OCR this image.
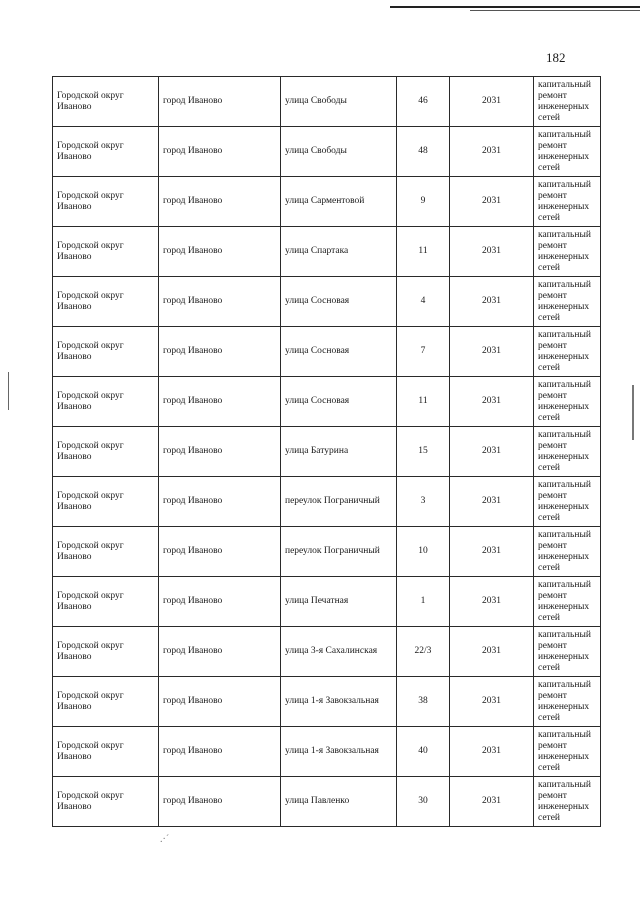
182
.·´
Городской округ Иваново	город Иваново	улица Свободы	46	2031	капитальный ремонт инженерных сетей
Городской округ Иваново	город Иваново	улица Свободы	48	2031	капитальный ремонт инженерных сетей
Городской округ Иваново	город Иваново	улица Сарментовой	9	2031	капитальный ремонт инженерных сетей
Городской округ Иваново	город Иваново	улица Спартака	11	2031	капитальный ремонт инженерных сетей
Городской округ Иваново	город Иваново	улица Сосновая	4	2031	капитальный ремонт инженерных сетей
Городской округ Иваново	город Иваново	улица Сосновая	7	2031	капитальный ремонт инженерных сетей
Городской округ Иваново	город Иваново	улица Сосновая	11	2031	капитальный ремонт инженерных сетей
Городской округ Иваново	город Иваново	улица Батурина	15	2031	капитальный ремонт инженерных сетей
Городской округ Иваново	город Иваново	переулок Пограничный	3	2031	капитальный ремонт инженерных сетей
Городской округ Иваново	город Иваново	переулок Пограничный	10	2031	капитальный ремонт инженерных сетей
Городской округ Иваново	город Иваново	улица Печатная	1	2031	капитальный ремонт инженерных сетей
Городской округ Иваново	город Иваново	улица 3-я Сахалинская	22/3	2031	капитальный ремонт инженерных сетей
Городской округ Иваново	город Иваново	улица 1-я Завокзальная	38	2031	капитальный ремонт инженерных сетей
Городской округ Иваново	город Иваново	улица 1-я Завокзальная	40	2031	капитальный ремонт инженерных сетей
Городской округ Иваново	город Иваново	улица Павленко	30	2031	капитальный ремонт инженерных сетей
